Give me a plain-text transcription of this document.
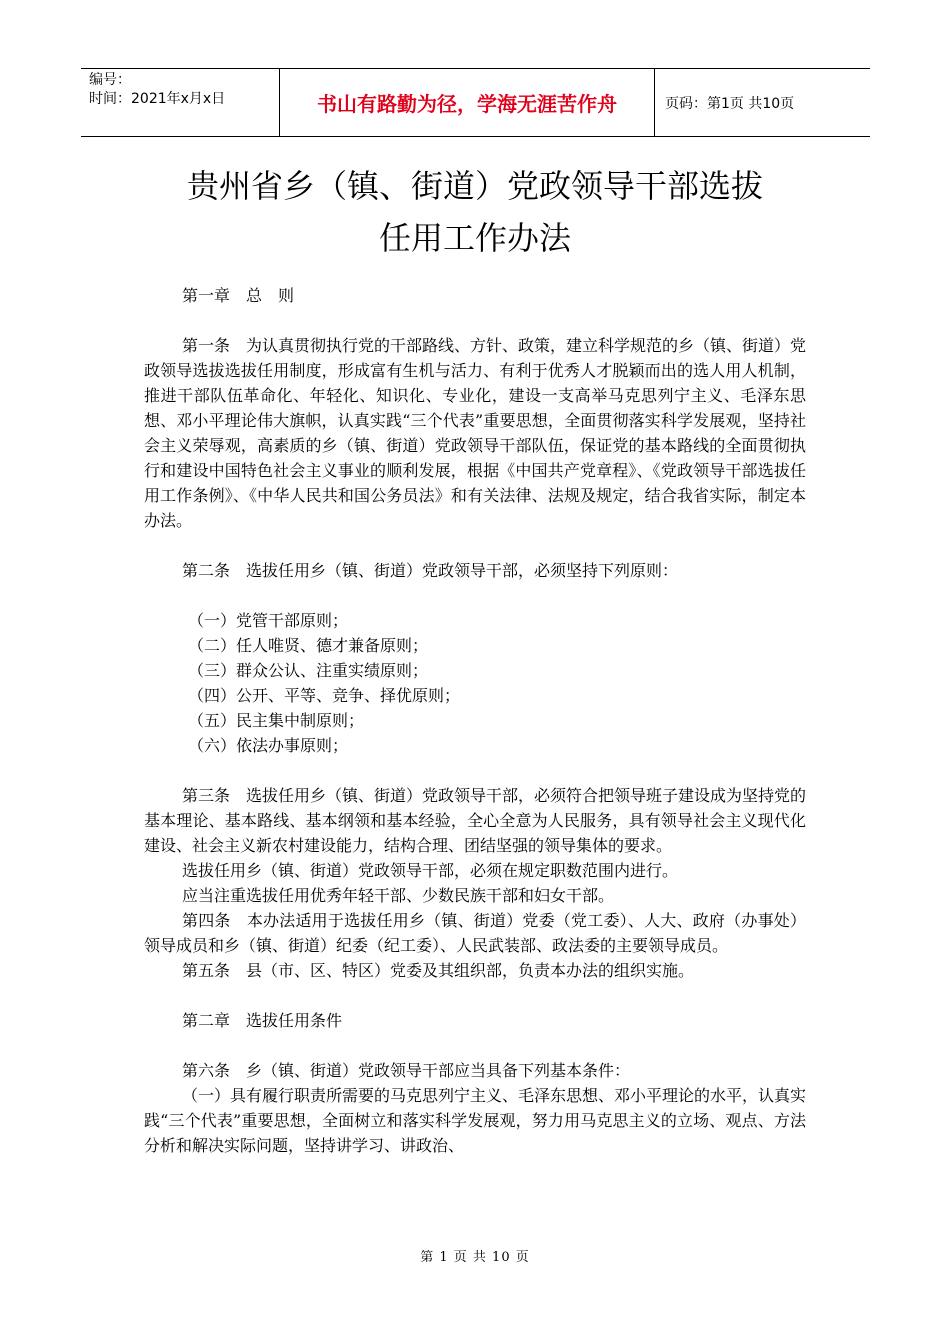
编号：
时间：2021年x月x日	书山有路勤为径，学海无涯苦作舟	页码：第1页 共10页
贵州省乡（镇、街道）党政领导干部选拔
任用工作办法

第一章　总　则

第一条　为认真贯彻执行党的干部路线、方针、政策，建立科学规范的乡（镇、街道）党政领导选拔选拔任用制度，形成富有生机与活力、有利于优秀人才脱颖而出的选人用人机制，推进干部队伍革命化、年轻化、知识化、专业化，建设一支高举马克思列宁主义、毛泽东思想、邓小平理论伟大旗帜，认真实践“三个代表”重要思想，全面贯彻落实科学发展观，坚持社会主义荣辱观，高素质的乡（镇、街道）党政领导干部队伍，保证党的基本路线的全面贯彻执行和建设中国特色社会主义事业的顺利发展，根据《中国共产党章程》、《党政领导干部选拔任用工作条例》、《中华人民共和国公务员法》和有关法律、法规及规定，结合我省实际，制定本办法。

第二条　选拔任用乡（镇、街道）党政领导干部，必须坚持下列原则：

（一）党管干部原则；

（二）任人唯贤、德才兼备原则；

（三）群众公认、注重实绩原则；

（四）公开、平等、竞争、择优原则；

（五）民主集中制原则；

（六）依法办事原则；

第三条　选拔任用乡（镇、街道）党政领导干部，必须符合把领导班子建设成为坚持党的基本理论、基本路线、基本纲领和基本经验，全心全意为人民服务，具有领导社会主义现代化建设、社会主义新农村建设能力，结构合理、团结坚强的领导集体的要求。

选拔任用乡（镇、街道）党政领导干部，必须在规定职数范围内进行。

应当注重选拔任用优秀年轻干部、少数民族干部和妇女干部。

第四条　本办法适用于选拔任用乡（镇、街道）党委（党工委）、人大、政府（办事处）领导成员和乡（镇、街道）纪委（纪工委）、人民武装部、政法委的主要领导成员。

第五条　县（市、区、特区）党委及其组织部，负责本办法的组织实施。

第二章　选拔任用条件

第六条　乡（镇、街道）党政领导干部应当具备下列基本条件：

（一）具有履行职责所需要的马克思列宁主义、毛泽东思想、邓小平理论的水平，认真实践“三个代表”重要思想，全面树立和落实科学发展观，努力用马克思主义的立场、观点、方法分析和解决实际问题，坚持讲学习、讲政治、

第 1 页 共 10 页
